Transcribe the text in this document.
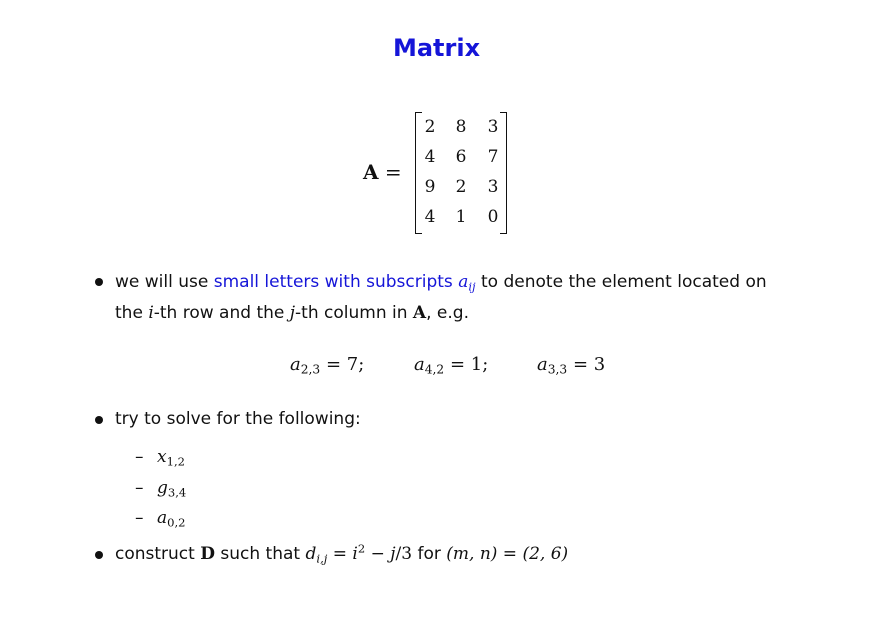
Matrix
A =
2	8	3
4	6	7
9	2	3
4	1	0
we will use small letters with subscripts $a_{ij}$ to denote the element located on
the i-th row and the j-th column in A, e.g.
$a_{2,3} = 7$;	$a_{4,2} = 1$;	$a_{3,3} = 3$
try to solve for the following:
– $x_{1,2}$
– $g_{3,4}$
– $a_{0,2}$
construct D such that $d_{i,j} = i^2 - j/3$ for (m, n) = (2, 6)
